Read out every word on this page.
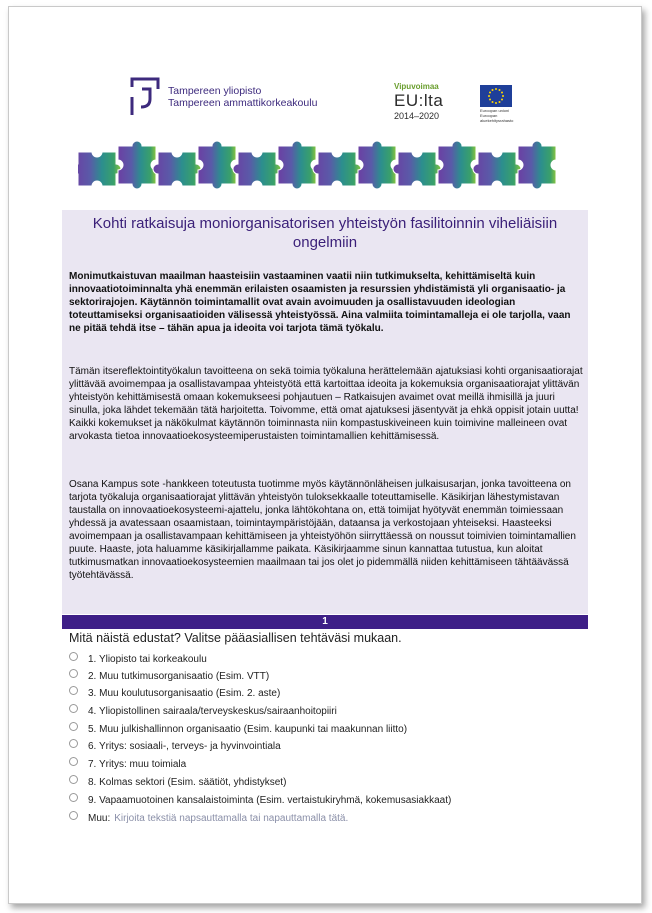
Tampereen yliopisto
Tampereen ammattikorkeakoulu
Vipuvoimaa
EU:lta
2014–2020
Euroopan unioni Euroopan aluekehitysrahasto
Kohti ratkaisuja moniorganisatorisen yhteistyön fasilitoinnin viheliäisiin ongelmiin

Monimutkaistuvan maailman haasteisiin vastaaminen vaatii niin tutkimukselta, kehittämiseltä kuin innovaatiotoiminnalta yhä enemmän erilaisten osaamisten ja resurssien yhdistämistä yli organisaatio- ja sektorirajojen. Käytännön toimintamallit ovat avain avoimuuden ja osallistavuuden ideologian toteuttamiseksi organisaatioiden välisessä yhteistyössä. Aina valmiita toimintamalleja ei ole tarjolla, vaan ne pitää tehdä itse – tähän apua ja ideoita voi tarjota tämä työkalu.

Tämän itsereflektointityökalun tavoitteena on sekä toimia työkaluna herättelemään ajatuksiasi kohti organisaatiorajat ylittävää avoimempaa ja osallistavampaa yhteistyötä että kartoittaa ideoita ja kokemuksia organisaatiorajat ylittävän yhteistyön kehittämisestä omaan kokemukseesi pohjautuen – Ratkaisujen avaimet ovat meillä ihmisillä ja juuri sinulla, joka lähdet tekemään tätä harjoitetta. Toivomme, että omat ajatuksesi jäsentyvät ja ehkä oppisit jotain uutta! Kaikki kokemukset ja näkökulmat käytännön toiminnasta niin kompastuskiveineen kuin toimivine malleineen ovat arvokasta tietoa innovaatioekosysteemiperustaisten toimintamallien kehittämisessä.

Osana Kampus sote -hankkeen toteutusta tuotimme myös käytännönläheisen julkaisusarjan, jonka tavoitteena on tarjota työkaluja organisaatiorajat ylittävän yhteistyön tuloksekkaalle toteuttamiselle. Käsikirjan lähestymistavan taustalla on innovaatioekosysteemi-ajattelu, jonka lähtökohtana on, että toimijat hyötyvät enemmän toimiessaan yhdessä ja avatessaan osaamistaan, toimintaympäristöjään, dataansa ja verkostojaan yhteiseksi. Haasteeksi avoimempaan ja osallistavampaan kehittämiseen ja yhteistyöhön siirryttäessä on noussut toimivien toimintamallien puute. Haaste, jota haluamme käsikirjallamme paikata. Käsikirjaamme sinun kannattaa tutustua, kun aloitat tutkimusmatkan innovaatioekosysteemien maailmaan tai jos olet jo pidemmällä niiden kehittämiseen tähtäävässä työtehtävässä.

1
Mitä näistä edustat? Valitse pääasiallisen tehtäväsi mukaan.
1. Yliopisto tai korkeakoulu
2. Muu tutkimusorganisaatio (Esim. VTT)
3. Muu koulutusorganisaatio (Esim. 2. aste)
4. Yliopistollinen sairaala/terveyskeskus/sairaanhoitopiiri
5. Muu julkishallinnon organisaatio (Esim. kaupunki tai maakunnan liitto)
6. Yritys: sosiaali-, terveys- ja hyvinvointiala
7. Yritys: muu toimiala
8. Kolmas sektori (Esim. säätiöt, yhdistykset)
9. Vapaamuotoinen kansalaistoiminta (Esim. vertaistukiryhmä, kokemusasiakkaat)
Muu: Kirjoita tekstiä napsauttamalla tai napauttamalla tätä.
